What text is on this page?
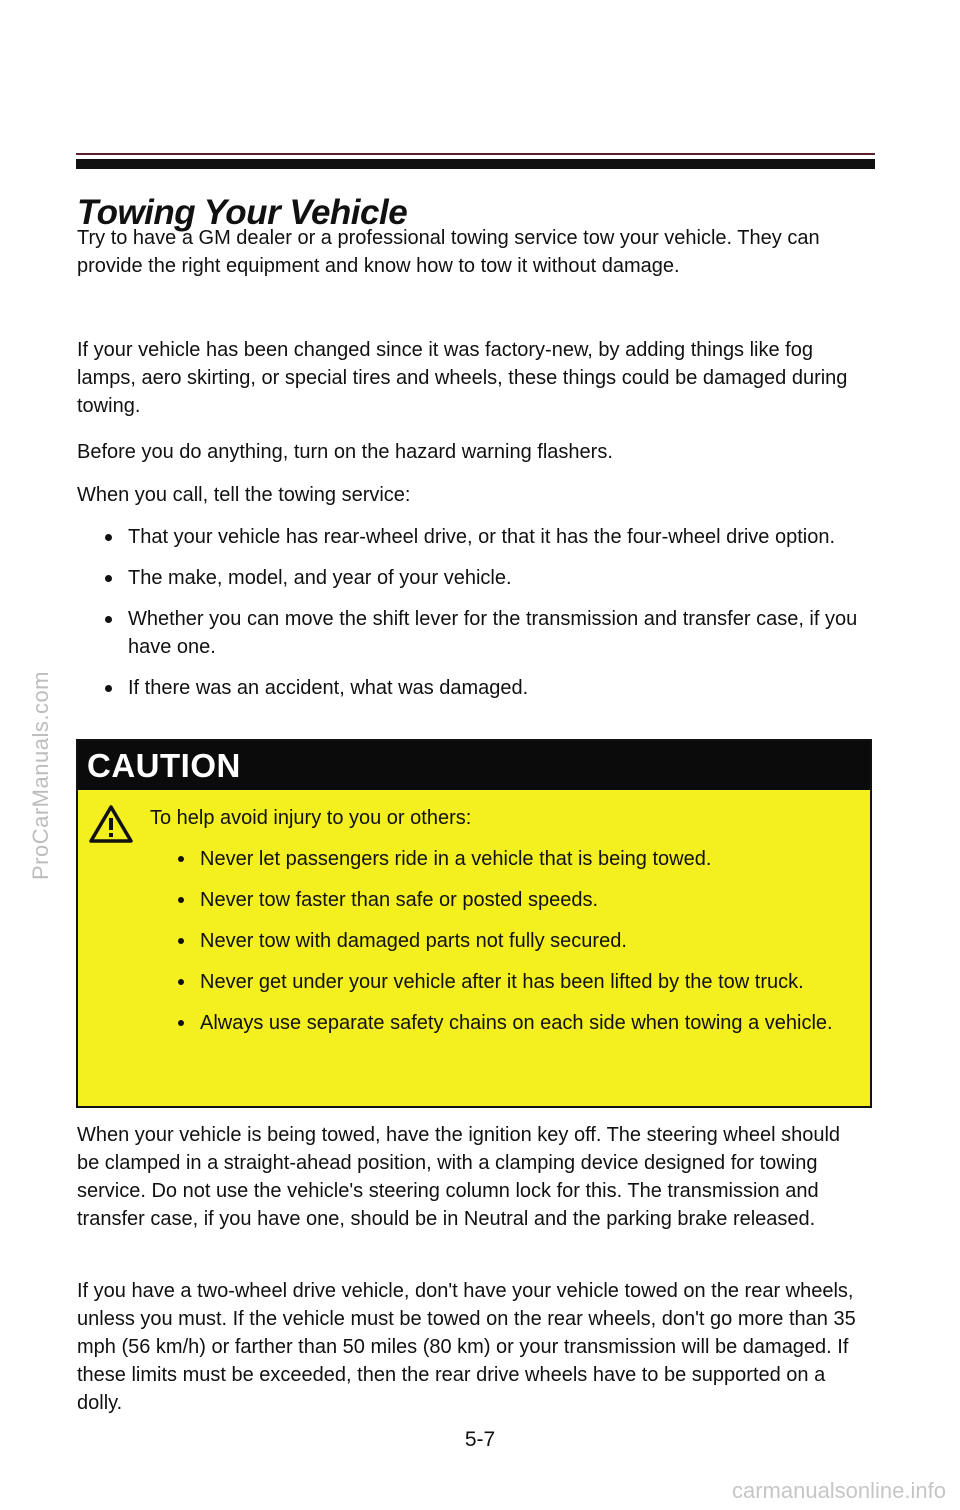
ProCarManuals.com
Towing Your Vehicle

Try to have a GM dealer or a professional towing service tow your vehicle. They can provide the right equipment and know how to tow it without damage.

If your vehicle has been changed since it was factory-new, by adding things like fog lamps, aero skirting, or special tires and wheels, these things could be damaged during towing.

Before you do anything, turn on the hazard warning flashers.

When you call, tell the towing service:

That your vehicle has rear-wheel drive, or that it has the four-wheel drive option.
The make, model, and year of your vehicle.
Whether you can move the shift lever for the transmission and transfer case, if you have one.
If there was an accident, what was damaged.
CAUTION

To help avoid injury to you or others:

Never let passengers ride in a vehicle that is being towed.
Never tow faster than safe or posted speeds.
Never tow with damaged parts not fully secured.
Never get under your vehicle after it has been lifted by the tow truck.
Always use separate safety chains on each side when towing a vehicle.

When your vehicle is being towed, have the ignition key off. The steering wheel should be clamped in a straight-ahead position, with a clamping device designed for towing service. Do not use the vehicle's steering column lock for this. The transmission and transfer case, if you have one, should be in Neutral and the parking brake released.

If you have a two-wheel drive vehicle, don't have your vehicle towed on the rear wheels, unless you must. If the vehicle must be towed on the rear wheels, don't go more than 35 mph (56 km/h) or farther than 50 miles (80 km) or your transmission will be damaged. If these limits must be exceeded, then the rear drive wheels have to be supported on a dolly.

5-7
carmanualsonline.info
